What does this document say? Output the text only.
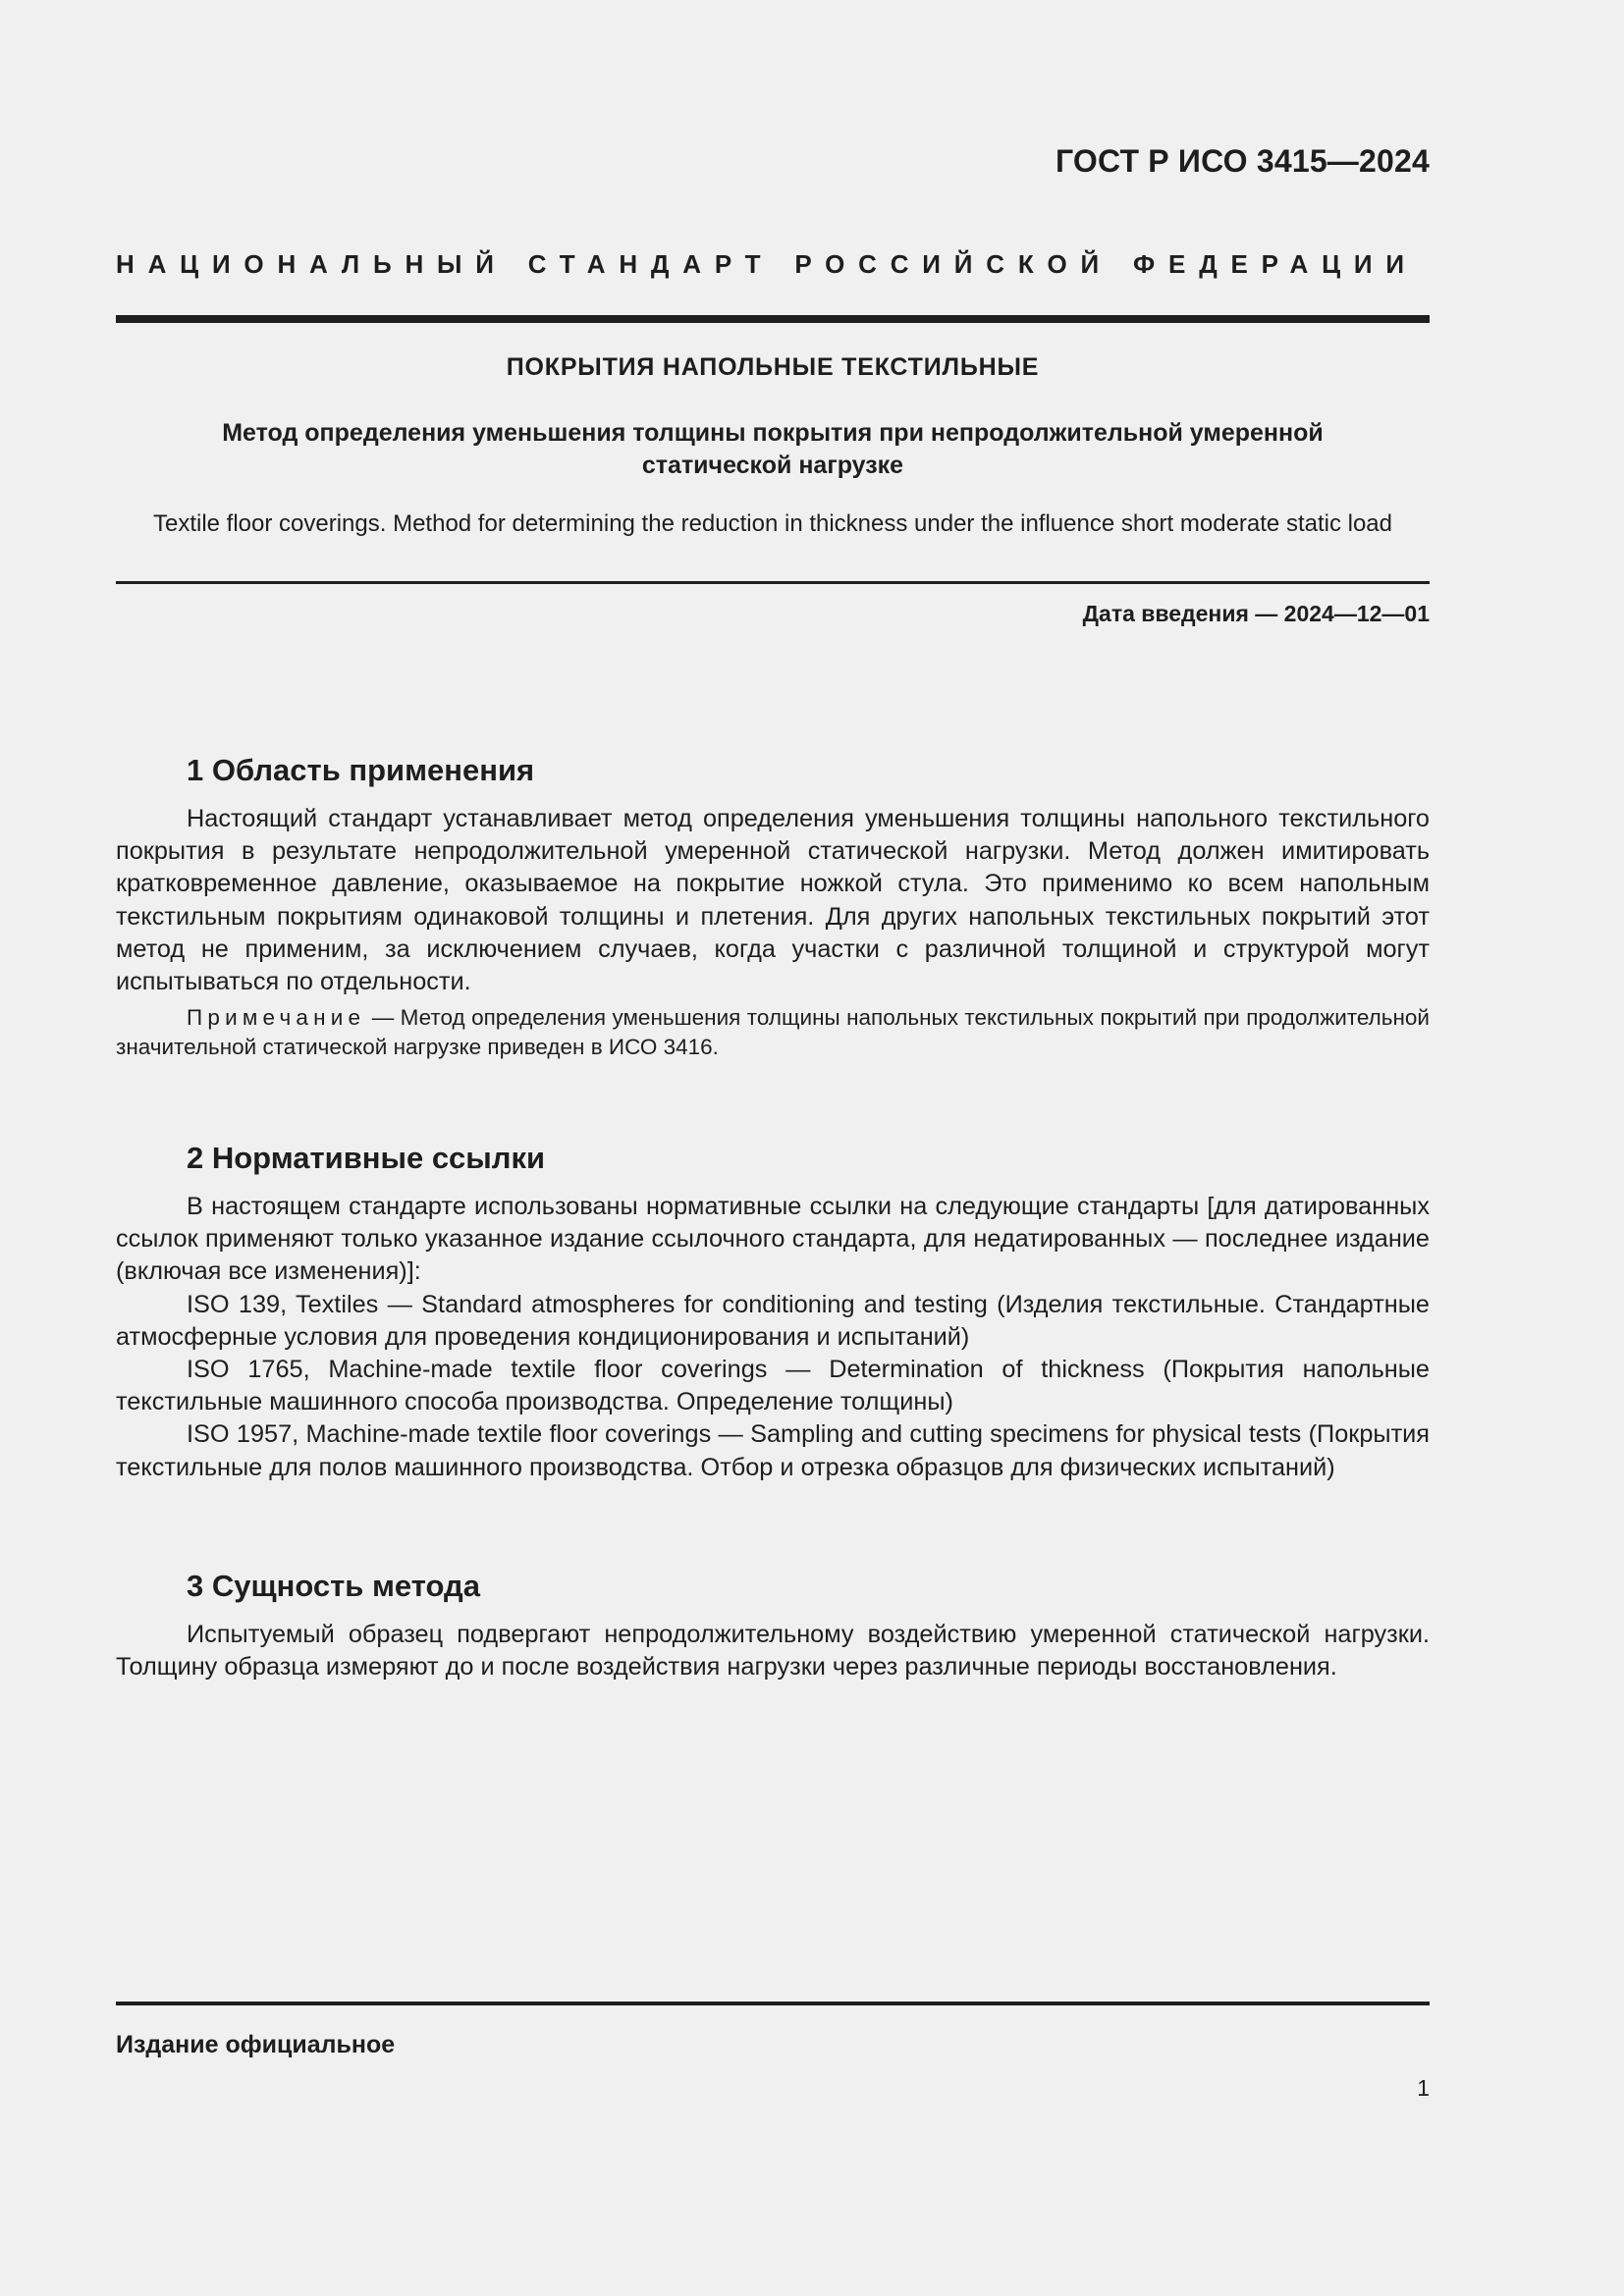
ГОСТ Р ИСО 3415—2024
НАЦИОНАЛЬНЫЙ СТАНДАРТ РОССИЙСКОЙ ФЕДЕРАЦИИ
ПОКРЫТИЯ НАПОЛЬНЫЕ ТЕКСТИЛЬНЫЕ
Метод определения уменьшения толщины покрытия при непродолжительной умеренной
статической нагрузке
Textile floor coverings. Method for determining the reduction in thickness under the influence short moderate static load
Дата введения — 2024—12—01
1 Область применения

Настоящий стандарт устанавливает метод определения уменьшения толщины напольного текстильного покрытия в результате непродолжительной умеренной статической нагрузки. Метод должен имитировать кратковременное давление, оказываемое на покрытие ножкой стула. Это применимо ко всем напольным текстильным покрытиям одинаковой толщины и плетения. Для других напольных текстильных покрытий этот метод не применим, за исключением случаев, когда участки с различной толщиной и структурой могут испытываться по отдельности.

Примечание — Метод определения уменьшения толщины напольных текстильных покрытий при продолжительной значительной статической нагрузке приведен в ИСО 3416.

2 Нормативные ссылки

В настоящем стандарте использованы нормативные ссылки на следующие стандарты [для датированных ссылок применяют только указанное издание ссылочного стандарта, для недатированных — последнее издание (включая все изменения)]:

ISO 139, Textiles — Standard atmospheres for conditioning and testing (Изделия текстильные. Стандартные атмосферные условия для проведения кондиционирования и испытаний)

ISO 1765, Machine-made textile floor coverings — Determination of thickness (Покрытия напольные текстильные машинного способа производства. Определение толщины)

ISO 1957, Machine-made textile floor coverings — Sampling and cutting specimens for physical tests (Покрытия текстильные для полов машинного производства. Отбор и отрезка образцов для физических испытаний)

3 Сущность метода

Испытуемый образец подвергают непродолжительному воздействию умеренной статической нагрузки. Толщину образца измеряют до и после воздействия нагрузки через различные периоды восстановления.

Издание официальное
1
